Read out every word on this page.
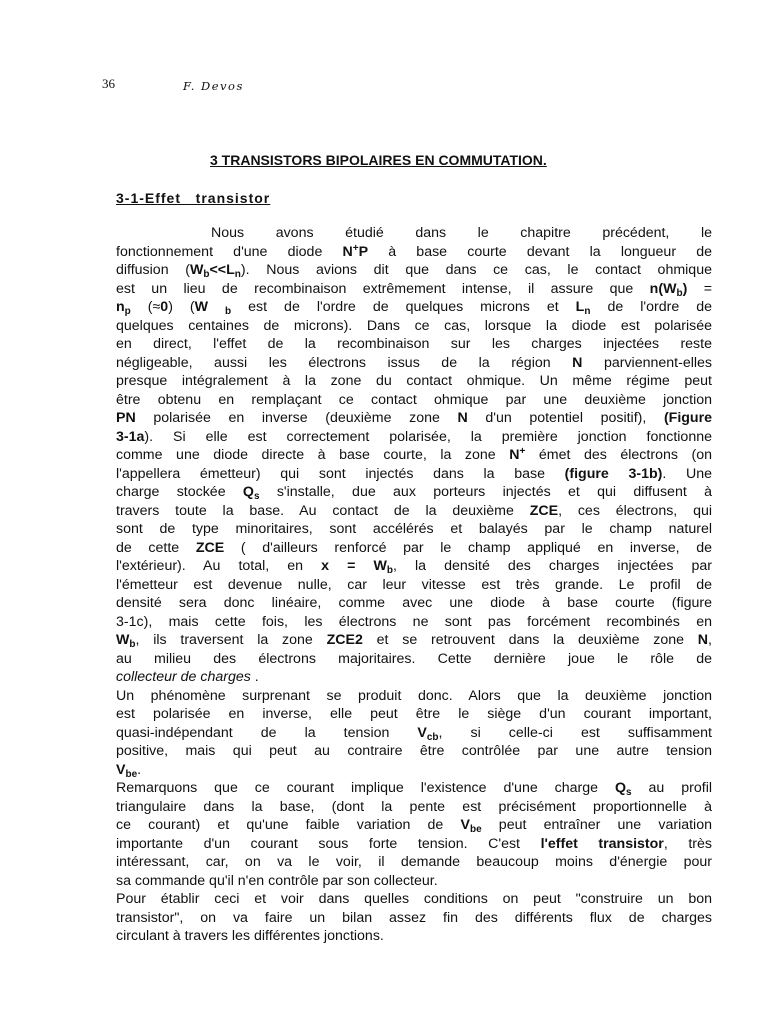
36	F. Devos
3 TRANSISTORS BIPOLAIRES EN COMMUTATION.
3-1-Effet   transistor
Nous avons étudié dans le chapitre précédent, le
fonctionnement d'une diode N+P à base courte devant la longueur de
diffusion $(W_b<<L_n)$. Nous avions dit que dans ce cas, le contact ohmique
est un lieu de recombinaison extrêmement intense, il assure que $n(W_b)$ =
$n_p$ (≈0) (W $_b$ est de l'ordre de quelques microns et $L_n$ de l'ordre de
quelques centaines de microns). Dans ce cas, lorsque la diode est polarisée
en direct, l'effet de la recombinaison sur les charges injectées reste
négligeable, aussi les électrons issus de la région N parviennent-elles
presque intégralement à la zone du contact ohmique. Un même régime peut
être obtenu en remplaçant ce contact ohmique par une deuxième jonction
PN polarisée en inverse (deuxième zone N d'un potentiel positif), (Figure
3-1a). Si elle est correctement polarisée, la première jonction fonctionne
comme une diode directe à base courte, la zone N+ émet des électrons (on
l'appellera émetteur) qui sont injectés dans la base (figure 3-1b). Une
charge stockée $Q_s$ s'installe, due aux porteurs injectés et qui diffusent à
travers toute la base. Au contact de la deuxième ZCE, ces électrons, qui
sont de type minoritaires, sont accélérés et balayés par le champ naturel
de cette ZCE ( d'ailleurs renforcé par le champ appliqué en inverse, de
l'extérieur). Au total, en $x = W_b$, la densité des charges injectées par
l'émetteur est devenue nulle, car leur vitesse est très grande. Le profil de
densité sera donc linéaire, comme avec une diode à base courte (figure
3-1c), mais cette fois, les électrons ne sont pas forcément recombinés en
$W_b$, ils traversent la zone ZCE2 et se retrouvent dans la deuxième zone N,
au milieu des électrons majoritaires. Cette dernière joue le rôle de
collecteur de charges .
Un phénomène surprenant se produit donc. Alors que la deuxième jonction
est polarisée en inverse, elle peut être le siège d'un courant important,
quasi-indépendant de la tension $V_{cb}$, si celle-ci est suffisamment
positive, mais qui peut au contraire être contrôlée par une autre tension
$V_{be}$.
Remarquons que ce courant implique l'existence d'une charge $Q_s$ au profil
triangulaire dans la base, (dont la pente est précisément proportionnelle à
ce courant) et qu'une faible variation de $V_{be}$ peut entraîner une variation
importante d'un courant sous forte tension. C'est l'effet transistor, très
intéressant, car, on va le voir, il demande beaucoup moins d'énergie pour
sa commande qu'il n'en contrôle par son collecteur.
Pour établir ceci et voir dans quelles conditions on peut "construire un bon
transistor", on va faire un bilan assez fin des différents flux de charges
circulant à travers les différentes jonctions.
